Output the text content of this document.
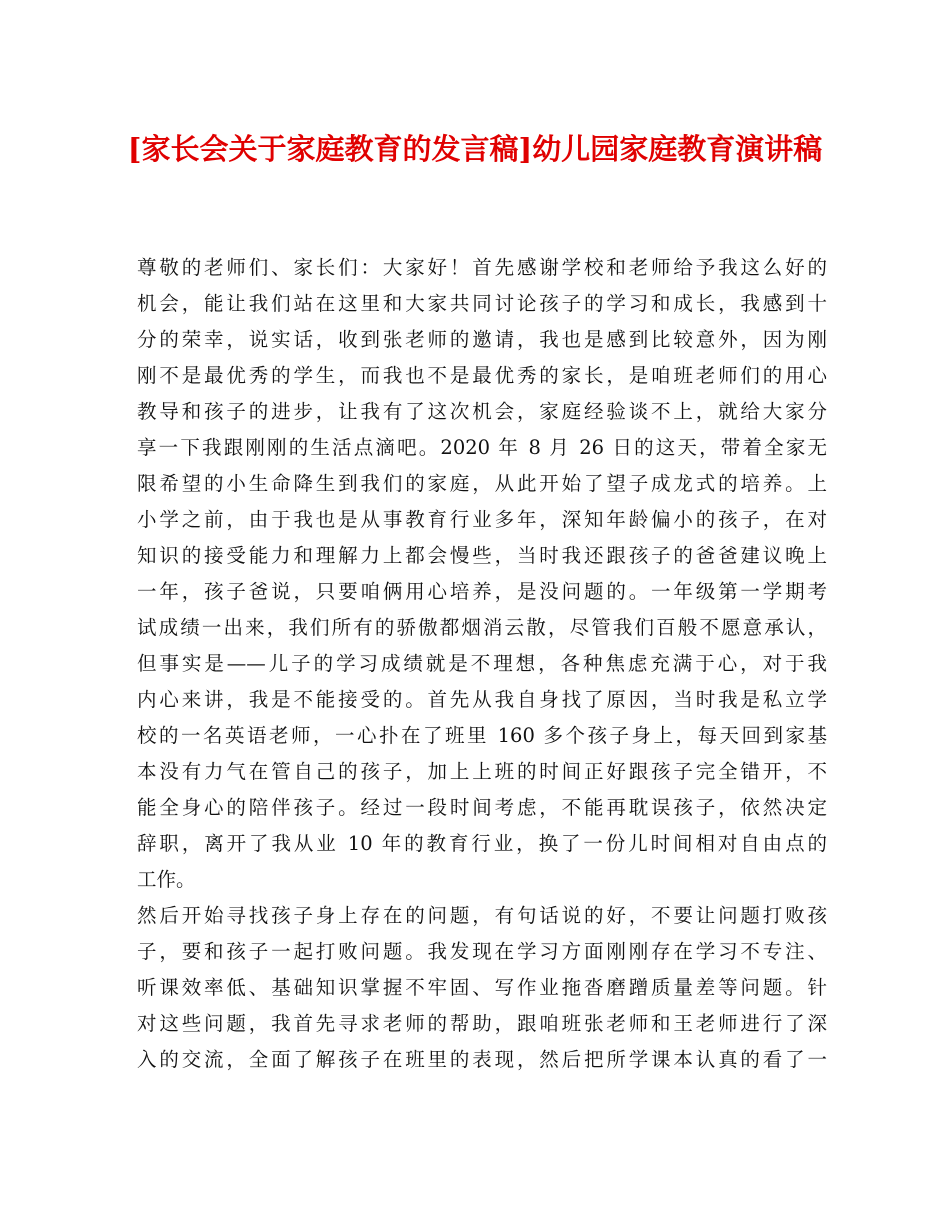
[家长会关于家庭教育的发言稿]幼儿园家庭教育演讲稿
尊敬的老师们、家长们：大家好！首先感谢学校和老师给予我这么好的
机会，能让我们站在这里和大家共同讨论孩子的学习和成长，我感到十
分的荣幸，说实话，收到张老师的邀请，我也是感到比较意外，因为刚
刚不是最优秀的学生，而我也不是最优秀的家长，是咱班老师们的用心
教导和孩子的进步，让我有了这次机会，家庭经验谈不上，就给大家分
享一下我跟刚刚的生活点滴吧。2020 年 8 月 26 日的这天，带着全家无
限希望的小生命降生到我们的家庭，从此开始了望子成龙式的培养。上
小学之前，由于我也是从事教育行业多年，深知年龄偏小的孩子，在对
知识的接受能力和理解力上都会慢些，当时我还跟孩子的爸爸建议晚上
一年，孩子爸说，只要咱俩用心培养，是没问题的。一年级第一学期考
试成绩一出来，我们所有的骄傲都烟消云散，尽管我们百般不愿意承认，
但事实是——儿子的学习成绩就是不理想，各种焦虑充满于心，对于我
内心来讲，我是不能接受的。首先从我自身找了原因，当时我是私立学
校的一名英语老师，一心扑在了班里 160 多个孩子身上，每天回到家基
本没有力气在管自己的孩子，加上上班的时间正好跟孩子完全错开，不
能全身心的陪伴孩子。经过一段时间考虑，不能再耽误孩子，依然决定
辞职，离开了我从业 10 年的教育行业，换了一份儿时间相对自由点的
工作。
然后开始寻找孩子身上存在的问题，有句话说的好，不要让问题打败孩
子，要和孩子一起打败问题。我发现在学习方面刚刚存在学习不专注、
听课效率低、基础知识掌握不牢固、写作业拖沓磨蹭质量差等问题。针
对这些问题，我首先寻求老师的帮助，跟咱班张老师和王老师进行了深
入的交流，全面了解孩子在班里的表现，然后把所学课本认真的看了一
